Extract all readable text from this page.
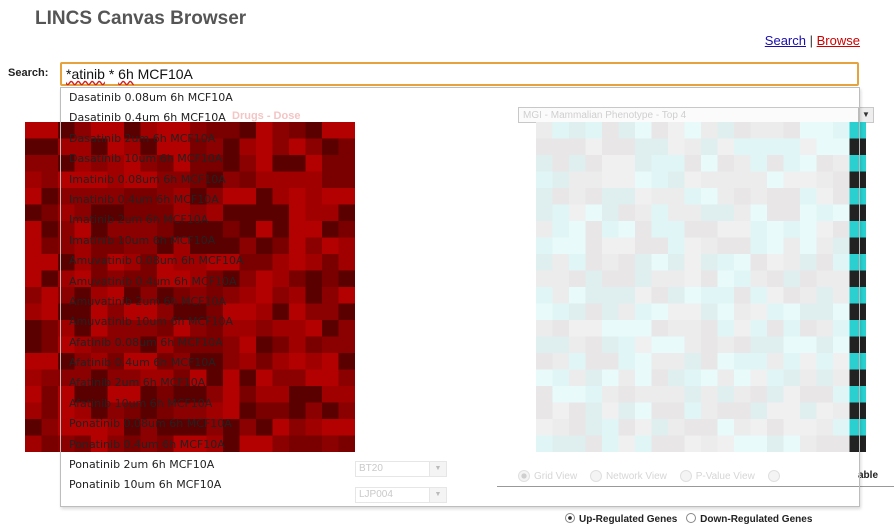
LINCS Canvas Browser
Search | Browse
Search:	*atinib * 6h MCF10A
Drugs - Dose	MGI - Mammalian Phenotype - Top 4	▼
BT20	▼
LJP004	▼
Grid View	Network View	P-Value View	able
Up-Regulated Genes Down-Regulated Genes
Dasatinib 0.08um 6h MCF10A
Dasatinib 0.4um 6h MCF10A
Dasatinib 2um 6h MCF10A
Dasatinib 10um 6h MCF10A
Imatinib 0.08um 6h MCF10A
Imatinib 0.4um 6h MCF10A
Imatinib 2um 6h MCF10A
Imatinib 10um 6h MCF10A
Amuvatinib 0.08um 6h MCF10A
Amuvatinib 0.4um 6h MCF10A
Amuvatinib 2um 6h MCF10A
Amuvatinib 10um 6h MCF10A
Afatinib 0.08um 6h MCF10A
Afatinib 0.4um 6h MCF10A
Afatinib 2um 6h MCF10A
Afatinib 10um 6h MCF10A
Ponatinib 0.08um 6h MCF10A
Ponatinib 0.4um 6h MCF10A
Ponatinib 2um 6h MCF10A
Ponatinib 10um 6h MCF10A
